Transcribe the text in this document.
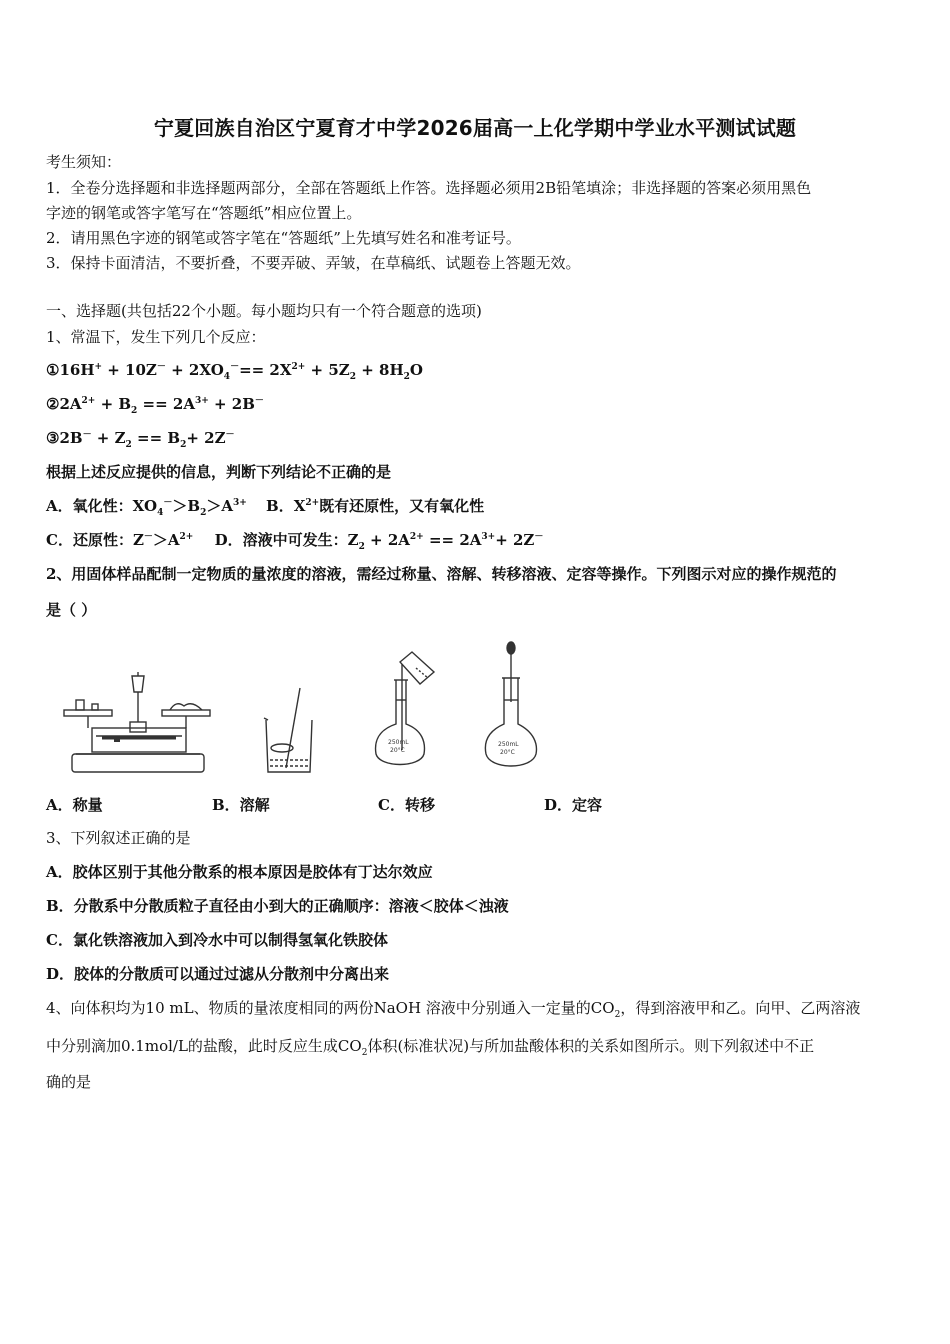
宁夏回族自治区宁夏育才中学2026届高一上化学期中学业水平测试试题
考生须知：
1．全卷分选择题和非选择题两部分，全部在答题纸上作答。选择题必须用2B铅笔填涂；非选择题的答案必须用黑色
字迹的钢笔或答字笔写在“答题纸”相应位置上。
2．请用黑色字迹的钢笔或答字笔在“答题纸”上先填写姓名和准考证号。
3．保持卡面清洁，不要折叠，不要弄破、弄皱，在草稿纸、试题卷上答题无效。
一、选择题(共包括22个小题。每小题均只有一个符合题意的选项)
1、常温下，发生下列几个反应：
①16H+ + $10Z^- + 2XO_4^-== 2X^{2+} + 5Z_2 + 8H_2O$
$②2A^{2+} + B_2 == 2A^{3+} + 2B^-$
③2B－ + $Z_2 == B_2+ 2Z^-$
根据上述反应提供的信息，判断下列结论不正确的是
A．氧化性：$XO_4^->B_2>A^{3+}$ B．$X^{2+}$既有还原性，又有氧化性
C．还原性：$Z^->A^{2+}$ D．溶液中可发生：$Z_2 + 2A^{2+} == 2A^{3+}+ 2Z^-$
2、用固体样品配制一定物质的量浓度的溶液，需经过称量、溶解、转移溶液、定容等操作。下列图示对应的操作规范的
是（ ）
250mL
20°C
250mL
20°C
A．称量	B．溶解	C．转移	D．定容
3、下列叙述正确的是
A．胶体区别于其他分散系的根本原因是胶体有丁达尔效应
B．分散系中分散质粒子直径由小到大的正确顺序：溶液＜胶体＜浊液
C．氯化铁溶液加入到冷水中可以制得氢氧化铁胶体
D．胶体的分散质可以通过过滤从分散剂中分离出来
4、向体积均为10 mL、物质的量浓度相同的两份NaOH 溶液中分别通入一定量的$CO_2$，得到溶液甲和乙。向甲、乙两溶液
中分别滴加0.1mol/L的盐酸，此时反应生成$CO_2$体积(标准状况)与所加盐酸体积的关系如图所示。则下列叙述中不正
确的是
